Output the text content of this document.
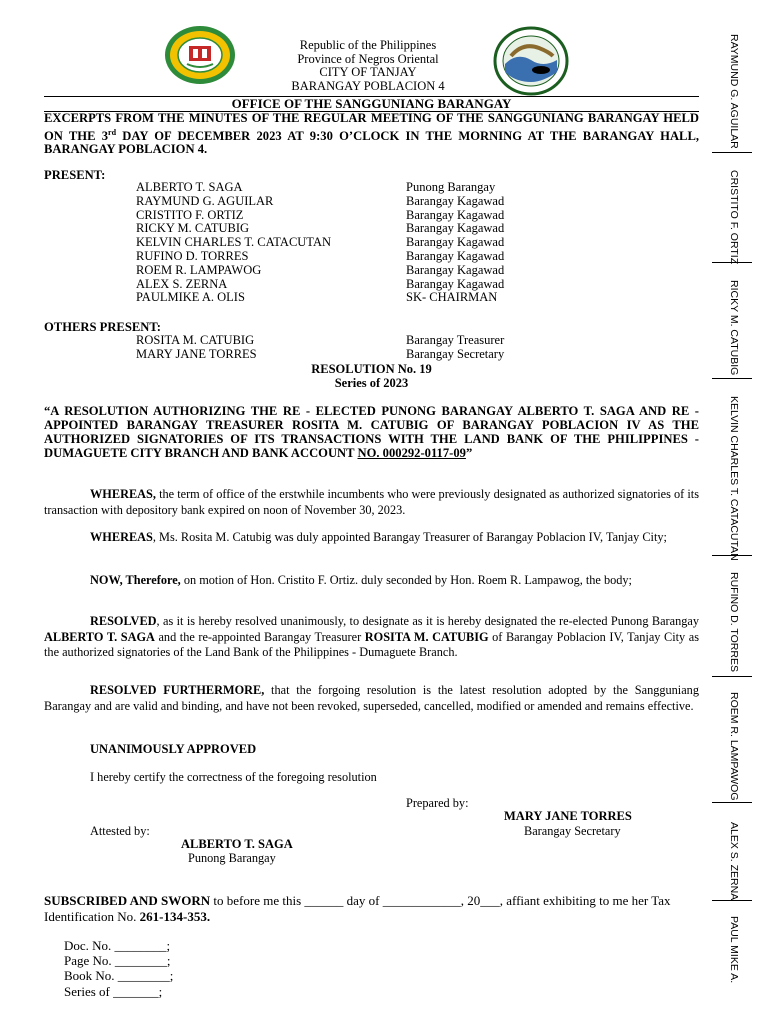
Republic of the Philippines
Province of Negros Oriental
CITY OF TANJAY
BARANGAY POBLACION 4
OFFICE OF THE SANGGUNIANG BARANGAY
EXCERPTS FROM THE MINUTES OF THE REGULAR MEETING OF THE SANGGUNIANG BARANGAY HELD ON THE 3rd DAY OF DECEMBER 2023 AT 9:30 O’CLOCK IN THE MORNING AT THE BARANGAY HALL, BARANGAY POBLACION 4.
PRESENT:
ALBERTO T. SAGA
RAYMUND G. AGUILAR
CRISTITO F. ORTIZ
RICKY M. CATUBIG
KELVIN CHARLES T. CATACUTAN
RUFINO D. TORRES
ROEM R. LAMPAWOG
ALEX S. ZERNA
PAULMIKE A. OLIS
Punong Barangay
Barangay Kagawad
Barangay Kagawad
Barangay Kagawad
Barangay Kagawad
Barangay Kagawad
Barangay Kagawad
Barangay Kagawad
SK- CHAIRMAN
OTHERS PRESENT:
ROSITA M. CATUBIG
MARY JANE TORRES
Barangay Treasurer
Barangay Secretary
RESOLUTION No. 19
Series of 2023
“A RESOLUTION AUTHORIZING THE RE - ELECTED PUNONG BARANGAY ALBERTO T. SAGA AND RE - APPOINTED BARANGAY TREASURER ROSITA M. CATUBIG OF BARANGAY POBLACION IV AS THE AUTHORIZED SIGNATORIES OF ITS TRANSACTIONS WITH THE LAND BANK OF THE PHILIPPINES - DUMAGUETE CITY BRANCH AND BANK ACCOUNT NO. 000292-0117-09”
WHEREAS, the term of office of the erstwhile incumbents who were previously designated as authorized signatories of its transaction with depository bank expired on noon of November 30, 2023.
WHEREAS, Ms. Rosita M. Catubig was duly appointed Barangay Treasurer of Barangay Poblacion IV, Tanjay City;
NOW, Therefore, on motion of Hon. Cristito F. Ortiz. duly seconded by Hon. Roem R. Lampawog, the body;
RESOLVED, as it is hereby resolved unanimously, to designate as it is hereby designated the re-elected Punong Barangay ALBERTO T. SAGA and the re-appointed Barangay Treasurer ROSITA M. CATUBIG of Barangay Poblacion IV, Tanjay City as the authorized signatories of the Land Bank of the Philippines - Dumaguete Branch.
RESOLVED FURTHERMORE, that the forgoing resolution is the latest resolution adopted by the Sangguniang Barangay and are valid and binding, and have not been revoked, superseded, cancelled, modified or amended and remains effective.
UNANIMOUSLY APPROVED
I hereby certify the correctness of the foregoing resolution
Prepared by:
MARY JANE TORRES
Barangay Secretary
Attested by:
ALBERTO T. SAGA
Punong Barangay
SUBSCRIBED AND SWORN to before me this ______ day of ____________, 20___, affiant exhibiting to me her Tax Identification No. 261-134-353.
Doc. No. ________;
Page No. ________;
Book No. ________;
Series of _______;
RAYMUND G. AGUILAR
CRISTITO F. ORTIZ
RICKY M. CATUBIG
KELVIN CHARLES T. CATACUTAN
RUFINO D. TORRES
ROEM R. LAMPAWOG
ALEX S. ZERNA
PAUL MIKE A.
